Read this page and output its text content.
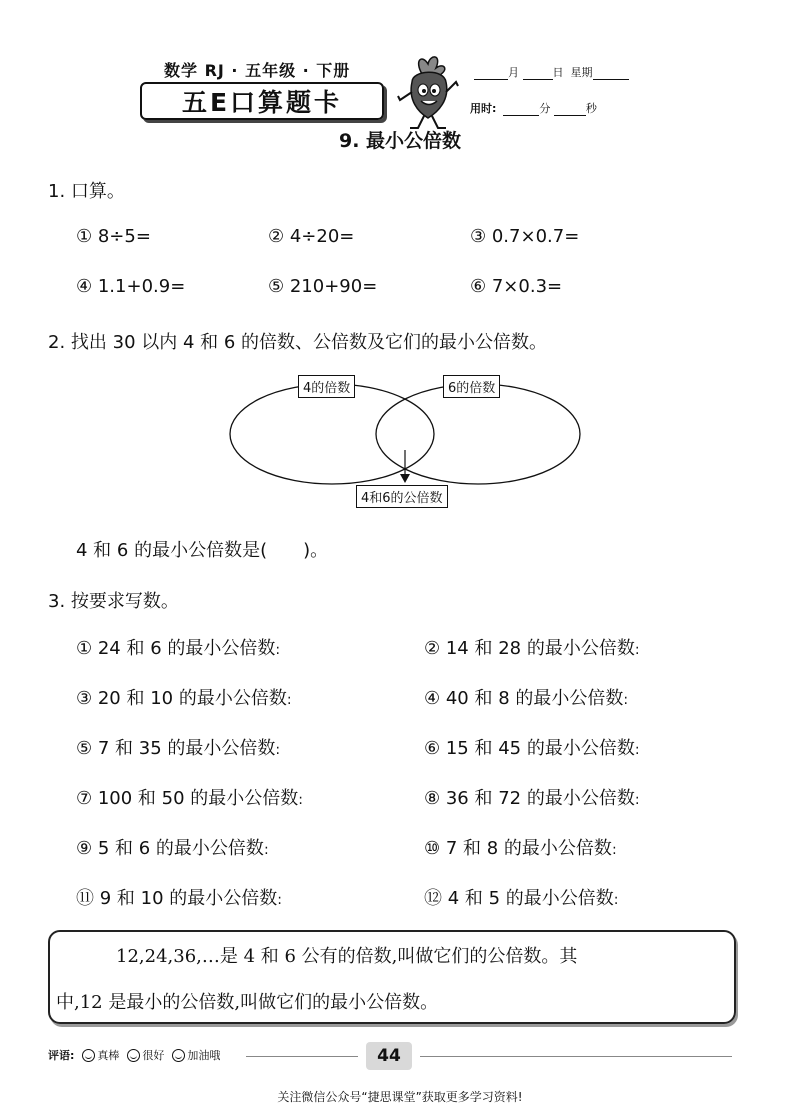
数学 RJ · 五年级 · 下册
五E口算题卡
月	日 星期
用时:	分	秒
9. 最小公倍数
1. 口算。
① 8÷5=	② 4÷20=	③ 0.7×0.7=
④ 1.1+0.9=	⑤ 210+90=	⑥ 7×0.3=
2. 找出 30 以内 4 和 6 的倍数、公倍数及它们的最小公倍数。
4的倍数	6的倍数
4和6的公倍数
4 和 6 的最小公倍数是(　　)。
3. 按要求写数。
① 24 和 6 的最小公倍数:	② 14 和 28 的最小公倍数:
③ 20 和 10 的最小公倍数:	④ 40 和 8 的最小公倍数:
⑤ 7 和 35 的最小公倍数:	⑥ 15 和 45 的最小公倍数:
⑦ 100 和 50 的最小公倍数:	⑧ 36 和 72 的最小公倍数:
⑨ 5 和 6 的最小公倍数:	⑩ 7 和 8 的最小公倍数:
⑪ 9 和 10 的最小公倍数:	⑫ 4 和 5 的最小公倍数:
12,24,36,…是 4 和 6 公有的倍数,叫做它们的公倍数。其
中,12 是最小的公倍数,叫做它们的最小公倍数。
评语: 真棒 很好 加油哦	44
关注微信公众号“捷思课堂”获取更多学习资料!
